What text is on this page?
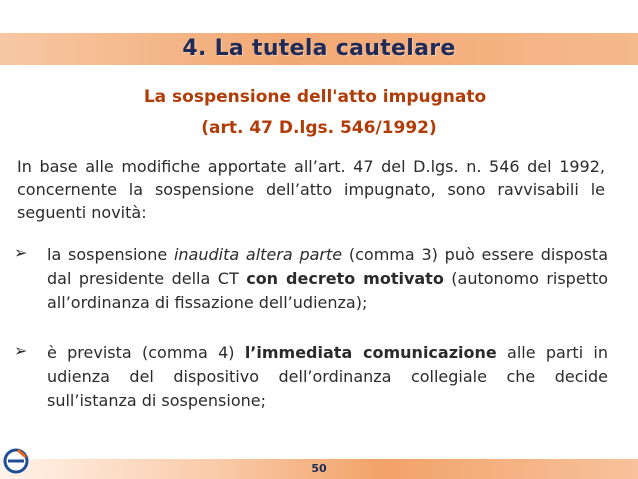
4. La tutela cautelare
La sospensione dell'atto impugnato
(art. 47 D.lgs. 546/1992)
In base alle modifiche apportate all’art. 47 del D.lgs. n. 546 del 1992, concernente la sospensione dell’atto impugnato, sono ravvisabili le seguenti novità:
➢ la sospensione inaudita altera parte (comma 3) può essere disposta dal presidente della CT con decreto motivato (autonomo rispetto all’ordinanza di fissazione dell’udienza);
➢ è prevista (comma 4) l’immediata comunicazione alle parti in udienza del dispositivo dell’ordinanza collegiale che decide sull’istanza di sospensione;
50
